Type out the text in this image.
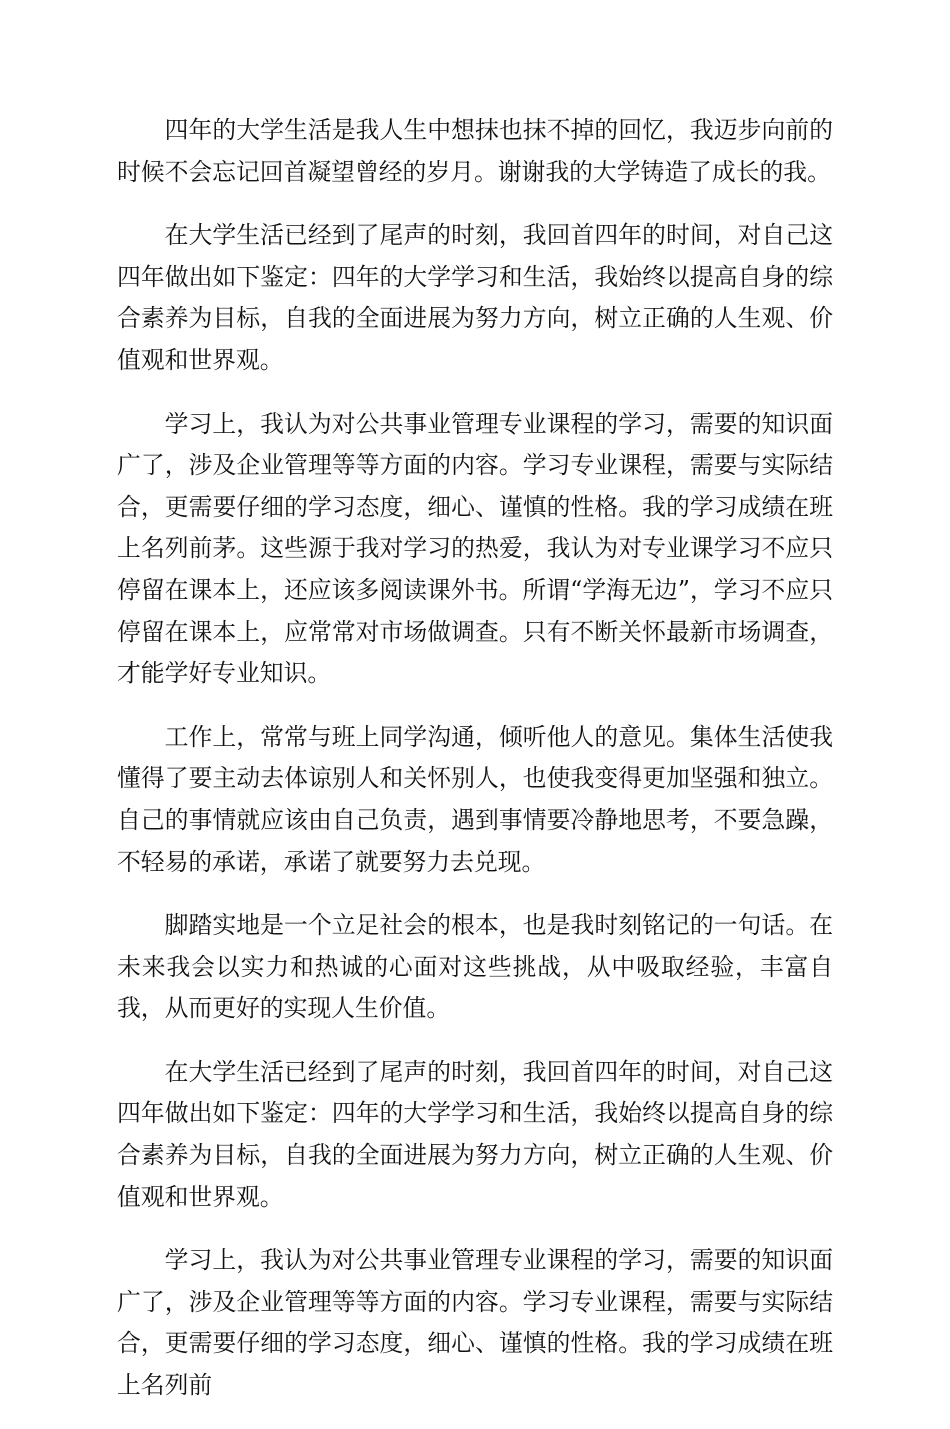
四年的大学生活是我人生中想抹也抹不掉的回忆，我迈步向前的时候不会忘记回首凝望曾经的岁月。谢谢我的大学铸造了成长的我。

在大学生活已经到了尾声的时刻，我回首四年的时间，对自己这四年做出如下鉴定：四年的大学学习和生活，我始终以提高自身的综合素养为目标，自我的全面进展为努力方向，树立正确的人生观、价值观和世界观。

学习上，我认为对公共事业管理专业课程的学习，需要的知识面广了，涉及企业管理等等方面的内容。学习专业课程，需要与实际结合，更需要仔细的学习态度，细心、谨慎的性格。我的学习成绩在班上名列前茅。这些源于我对学习的热爱，我认为对专业课学习不应只停留在课本上，还应该多阅读课外书。所谓“学海无边”，学习不应只停留在课本上，应常常对市场做调查。只有不断关怀最新市场调查，才能学好专业知识。

工作上，常常与班上同学沟通，倾听他人的意见。集体生活使我懂得了要主动去体谅别人和关怀别人，也使我变得更加坚强和独立。自己的事情就应该由自己负责，遇到事情要冷静地思考，不要急躁，不轻易的承诺，承诺了就要努力去兑现。

脚踏实地是一个立足社会的根本，也是我时刻铭记的一句话。在未来我会以实力和热诚的心面对这些挑战，从中吸取经验，丰富自我，从而更好的实现人生价值。

在大学生活已经到了尾声的时刻，我回首四年的时间，对自己这四年做出如下鉴定：四年的大学学习和生活，我始终以提高自身的综合素养为目标，自我的全面进展为努力方向，树立正确的人生观、价值观和世界观。

学习上，我认为对公共事业管理专业课程的学习，需要的知识面广了，涉及企业管理等等方面的内容。学习专业课程，需要与实际结合，更需要仔细的学习态度，细心、谨慎的性格。我的学习成绩在班上名列前
